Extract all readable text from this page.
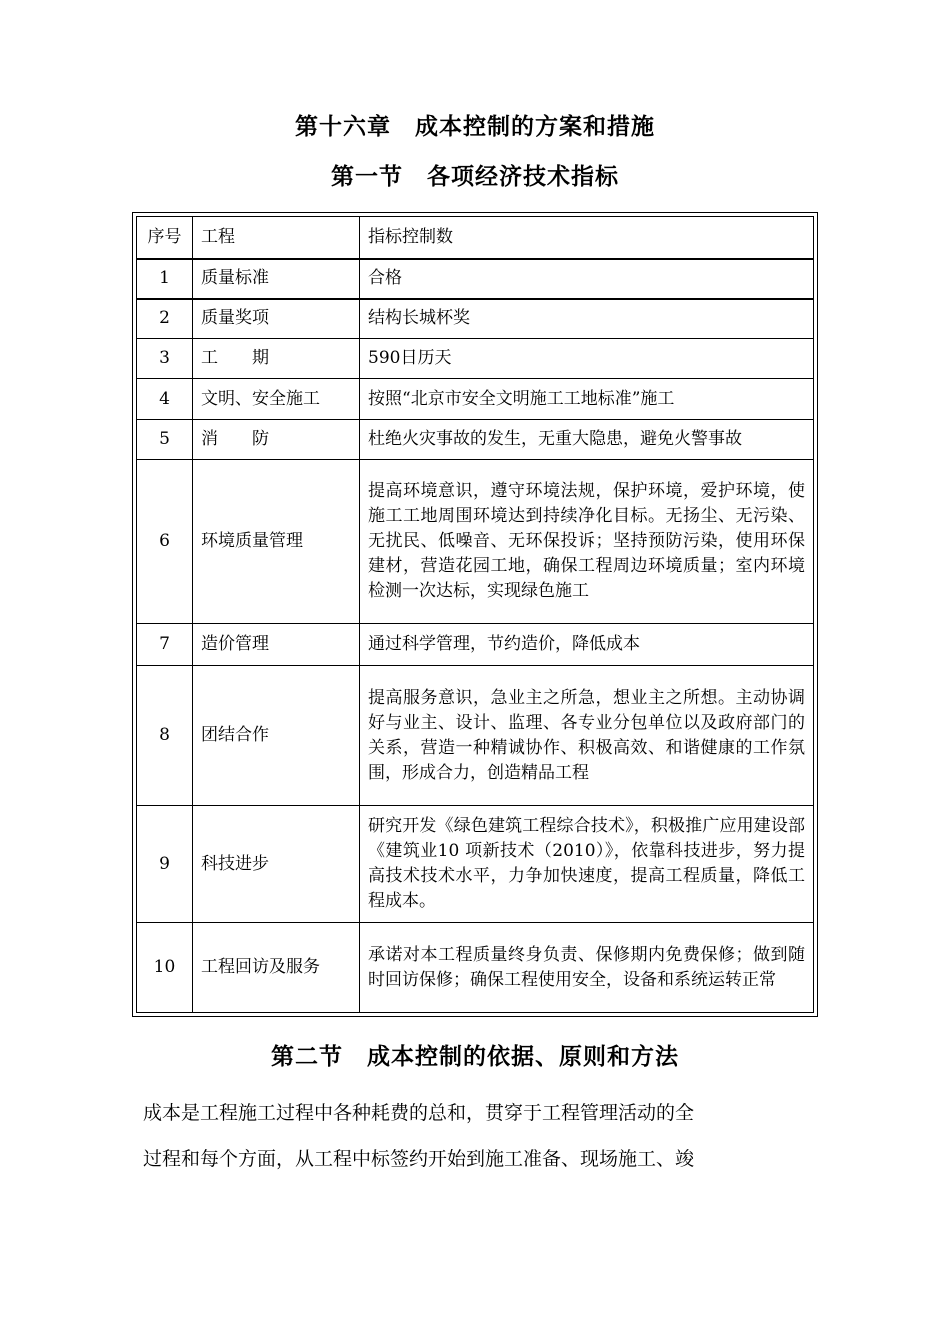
第十六章　成本控制的方案和措施
第一节　各项经济技术指标
序号	工程	指标控制数
1	质量标准	合格
2	质量奖项	结构长城杯奖
3	工　　期	590日历天
4	文明、安全施工	按照“北京市安全文明施工工地标准”施工
5	消　　防	杜绝火灾事故的发生，无重大隐患，避免火警事故
6	环境质量管理	提高环境意识，遵守环境法规，保护环境，爱护环境，使施工工地周围环境达到持续净化目标。无扬尘、无污染、无扰民、低噪音、无环保投诉；坚持预防污染，使用环保建材，营造花园工地，确保工程周边环境质量；室内环境检测一次达标，实现绿色施工
7	造价管理	通过科学管理，节约造价，降低成本
8	团结合作	提高服务意识，急业主之所急，想业主之所想。主动协调好与业主、设计、监理、各专业分包单位以及政府部门的关系，营造一种精诚协作、积极高效、和谐健康的工作氛围，形成合力，创造精品工程
9	科技进步	研究开发《绿色建筑工程综合技术》，积极推广应用建设部《建筑业10 项新技术（2010）》，依靠科技进步，努力提高技术技术水平，力争加快速度，提高工程质量，降低工程成本。
10	工程回访及服务	承诺对本工程质量终身负责、保修期内免费保修；做到随时回访保修；确保工程使用安全，设备和系统运转正常
第二节　成本控制的依据、原则和方法

成本是工程施工过程中各种耗费的总和，贯穿于工程管理活动的全

过程和每个方面，从工程中标签约开始到施工准备、现场施工、竣
